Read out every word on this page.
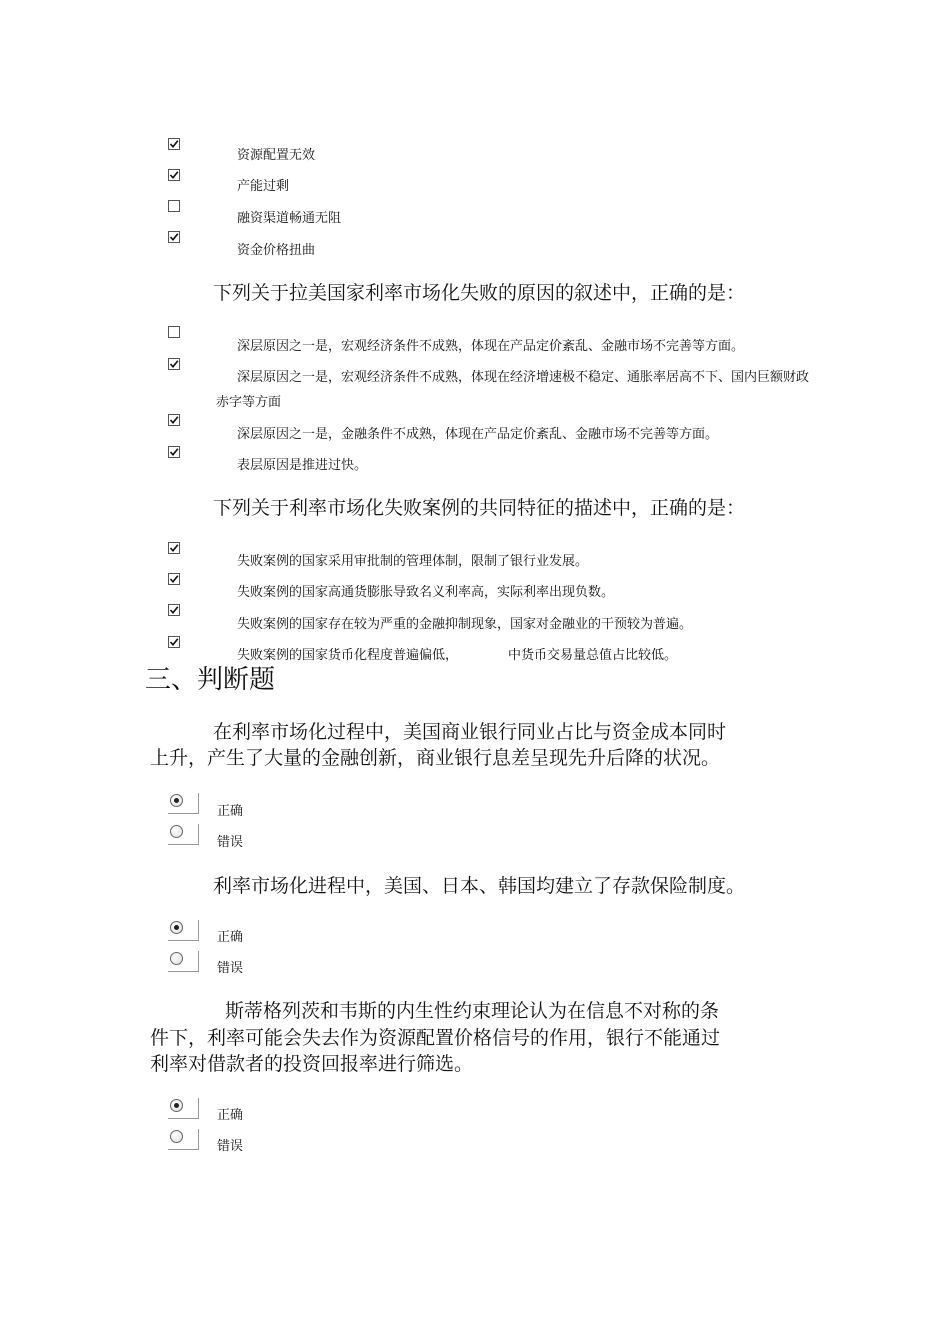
资源配置无效
产能过剩
融资渠道畅通无阻
资金价格扭曲
下列关于拉美国家利率市场化失败的原因的叙述中，正确的是：
深层原因之一是，宏观经济条件不成熟，体现在产品定价紊乱、金融市场不完善等方面。
深层原因之一是，宏观经济条件不成熟，体现在经济增速极不稳定、通胀率居高不下、国内巨额财政
赤字等方面
深层原因之一是，金融条件不成熟，体现在产品定价紊乱、金融市场不完善等方面。
表层原因是推进过快。
下列关于利率市场化失败案例的共同特征的描述中，正确的是：
失败案例的国家采用审批制的管理体制，限制了银行业发展。
失败案例的国家高通货膨胀导致名义利率高，实际利率出现负数。
失败案例的国家存在较为严重的金融抑制现象，国家对金融业的干预较为普遍。
失败案例的国家货币化程度普遍偏低，	中货币交易量总值占比较低。
三、判断题
在利率市场化过程中，美国商业银行同业占比与资金成本同时
上升，产生了大量的金融创新，商业银行息差呈现先升后降的状况。
正确
错误
利率市场化进程中，美国、日本、韩国均建立了存款保险制度。
正确
错误
斯蒂格列茨和韦斯的内生性约束理论认为在信息不对称的条
件下，利率可能会失去作为资源配置价格信号的作用，银行不能通过
利率对借款者的投资回报率进行筛选。
正确
错误
